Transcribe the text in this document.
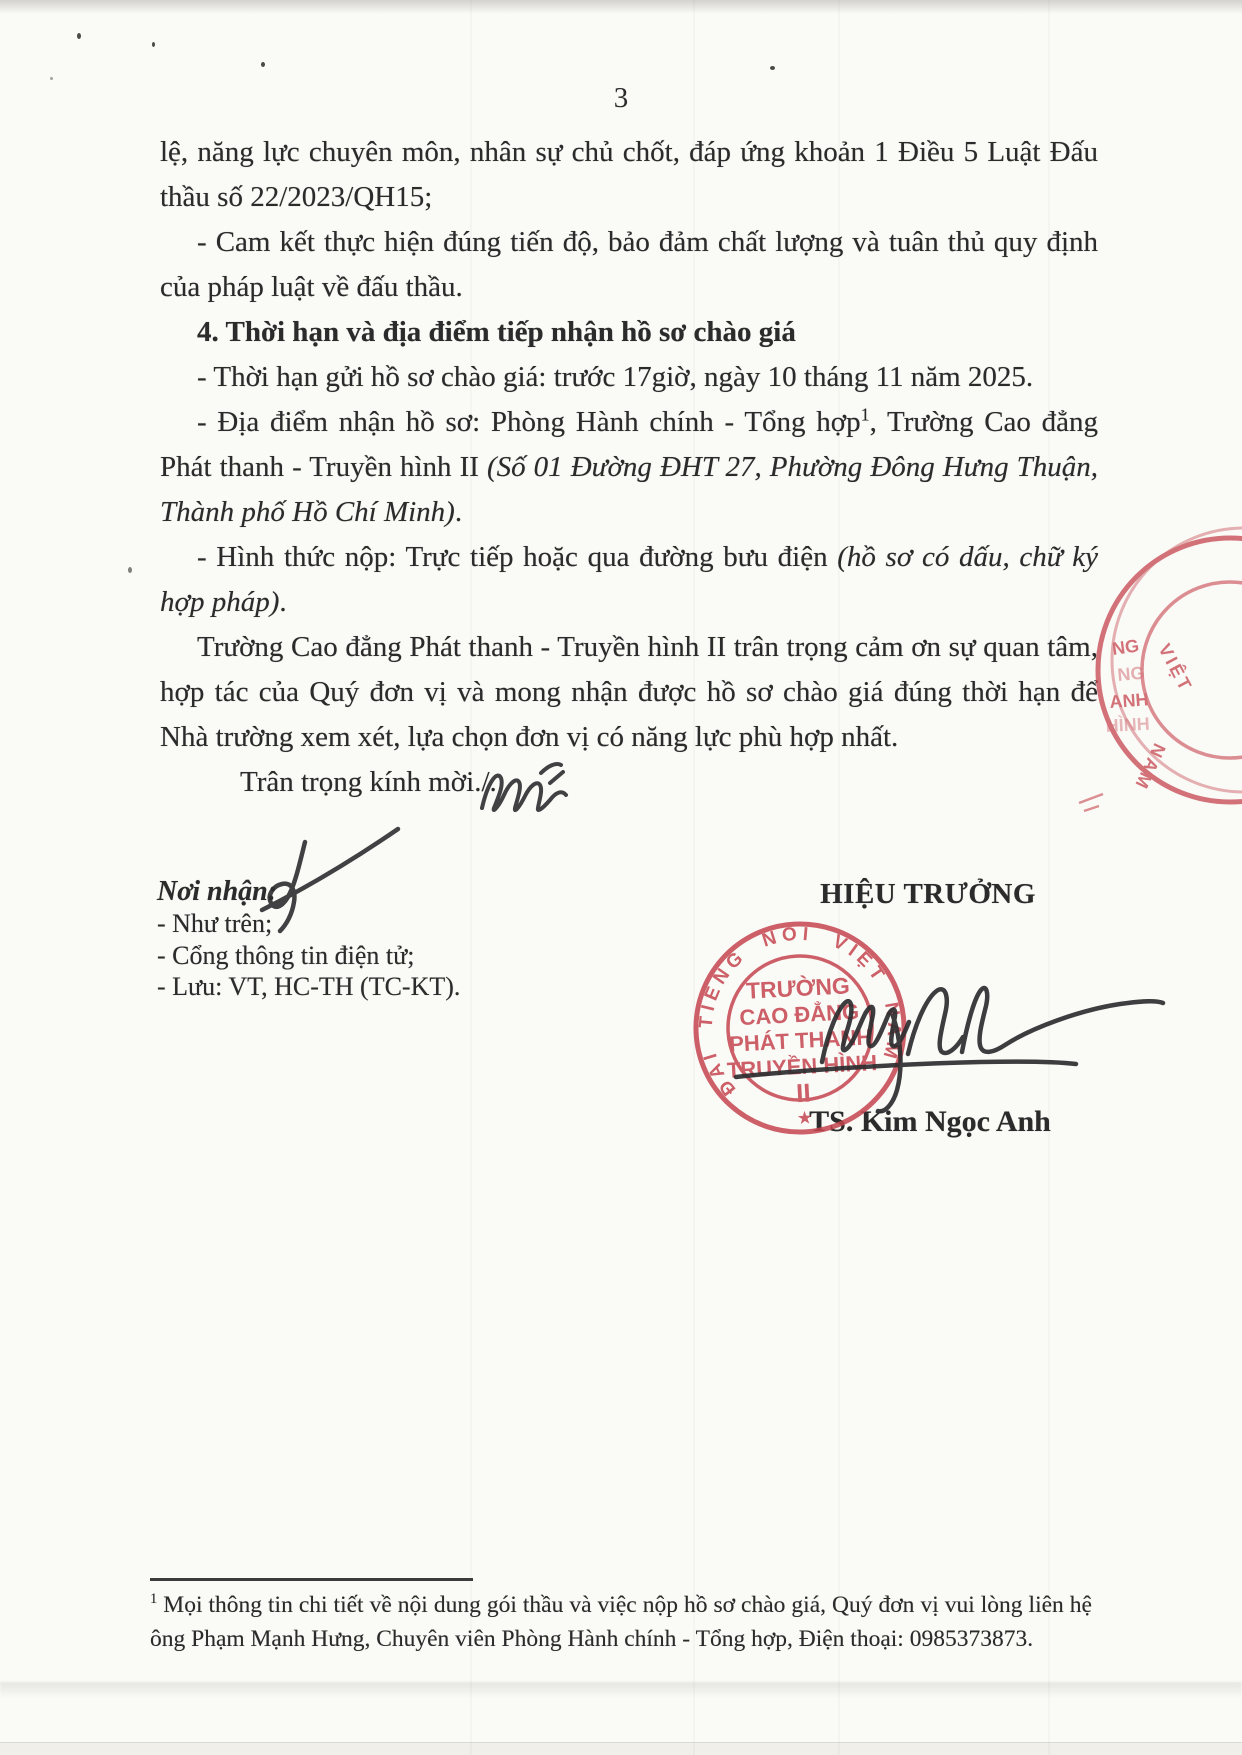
3

lệ, năng lực chuyên môn, nhân sự chủ chốt, đáp ứng khoản 1 Điều 5 Luật Đấu thầu số 22/2023/QH15;

- Cam kết thực hiện đúng tiến độ, bảo đảm chất lượng và tuân thủ quy định của pháp luật về đấu thầu.

4. Thời hạn và địa điểm tiếp nhận hồ sơ chào giá

- Thời hạn gửi hồ sơ chào giá: trước 17giờ, ngày 10 tháng 11 năm 2025.

- Địa điểm nhận hồ sơ: Phòng Hành chính - Tổng hợp$^1$, Trường Cao đẳng Phát thanh - Truyền hình II (Số 01 Đường ĐHT 27, Phường Đông Hưng Thuận, Thành phố Hồ Chí Minh).

- Hình thức nộp: Trực tiếp hoặc qua đường bưu điện (hồ sơ có dấu, chữ ký hợp pháp).

Trường Cao đẳng Phát thanh - Truyền hình II trân trọng cảm ơn sự quan tâm, hợp tác của Quý đơn vị và mong nhận được hồ sơ chào giá đúng thời hạn để Nhà trường xem xét, lựa chọn đơn vị có năng lực phù hợp nhất.

Trân trọng kính mời./.

Nơi nhận:
- Như trên;
- Cổng thông tin điện tử;
- Lưu: VT, HC-TH (TC-KT).
HIỆU TRƯỞNG
TS. Kim Ngọc Anh
ĐÀI TIẾNG NÓI VIỆT NAM
TRƯỜNG
CAO ĐẲNG
PHÁT THANH
TRUYỀN HÌNH
II
★
NG
NG
ANH
HÌNH
VIỆT
NAM
$^1$ Mọi thông tin chi tiết về nội dung gói thầu và việc nộp hồ sơ chào giá, Quý đơn vị vui lòng liên hệ ông Phạm Mạnh Hưng, Chuyên viên Phòng Hành chính - Tổng hợp, Điện thoại: 0985373873.
